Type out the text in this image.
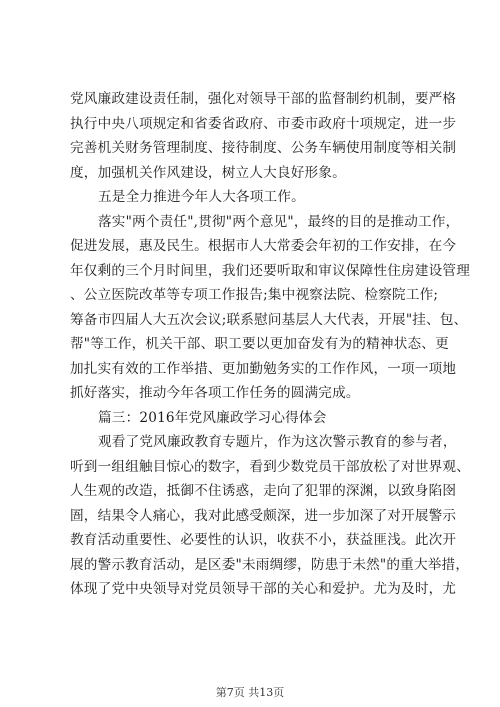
党风廉政建设责任制，强化对领导干部的监督制约机制，要严格

执行中央八项规定和省委省政府、市委市政府十项规定，进一步

完善机关财务管理制度、接待制度、公务车辆使用制度等相关制

度，加强机关作风建设，树立人大良好形象。

五是全力推进今年人大各项工作。

落实"两个责任",贯彻"两个意见"，最终的目的是推动工作，

促进发展，惠及民生。根据市人大常委会年初的工作安排，在今

年仅剩的三个月时间里，我们还要听取和审议保障性住房建设管理

、公立医院改革等专项工作报告;集中视察法院、检察院工作;

筹备市四届人大五次会议;联系慰问基层人大代表，开展"挂、包、

帮"等工作，机关干部、职工要以更加奋发有为的精神状态、更

加扎实有效的工作举措、更加勤勉务实的工作作风，一项一项地

抓好落实，推动今年各项工作任务的圆满完成。

篇三：2016年党风廉政学习心得体会

观看了党风廉政教育专题片，作为这次警示教育的参与者，

听到一组组触目惊心的数字，看到少数党员干部放松了对世界观、

人生观的改造，抵御不住诱惑，走向了犯罪的深渊，以致身陷囹

圄，结果令人痛心，我对此感受颇深，进一步加深了对开展警示

教育活动重要性、必要性的认识，收获不小，获益匪浅。此次开

展的警示教育活动，是区委"未雨绸缪，防患于未然"的重大举措，

体现了党中央领导对党员领导干部的关心和爱护。尤为及时，尤

第7页 共13页
